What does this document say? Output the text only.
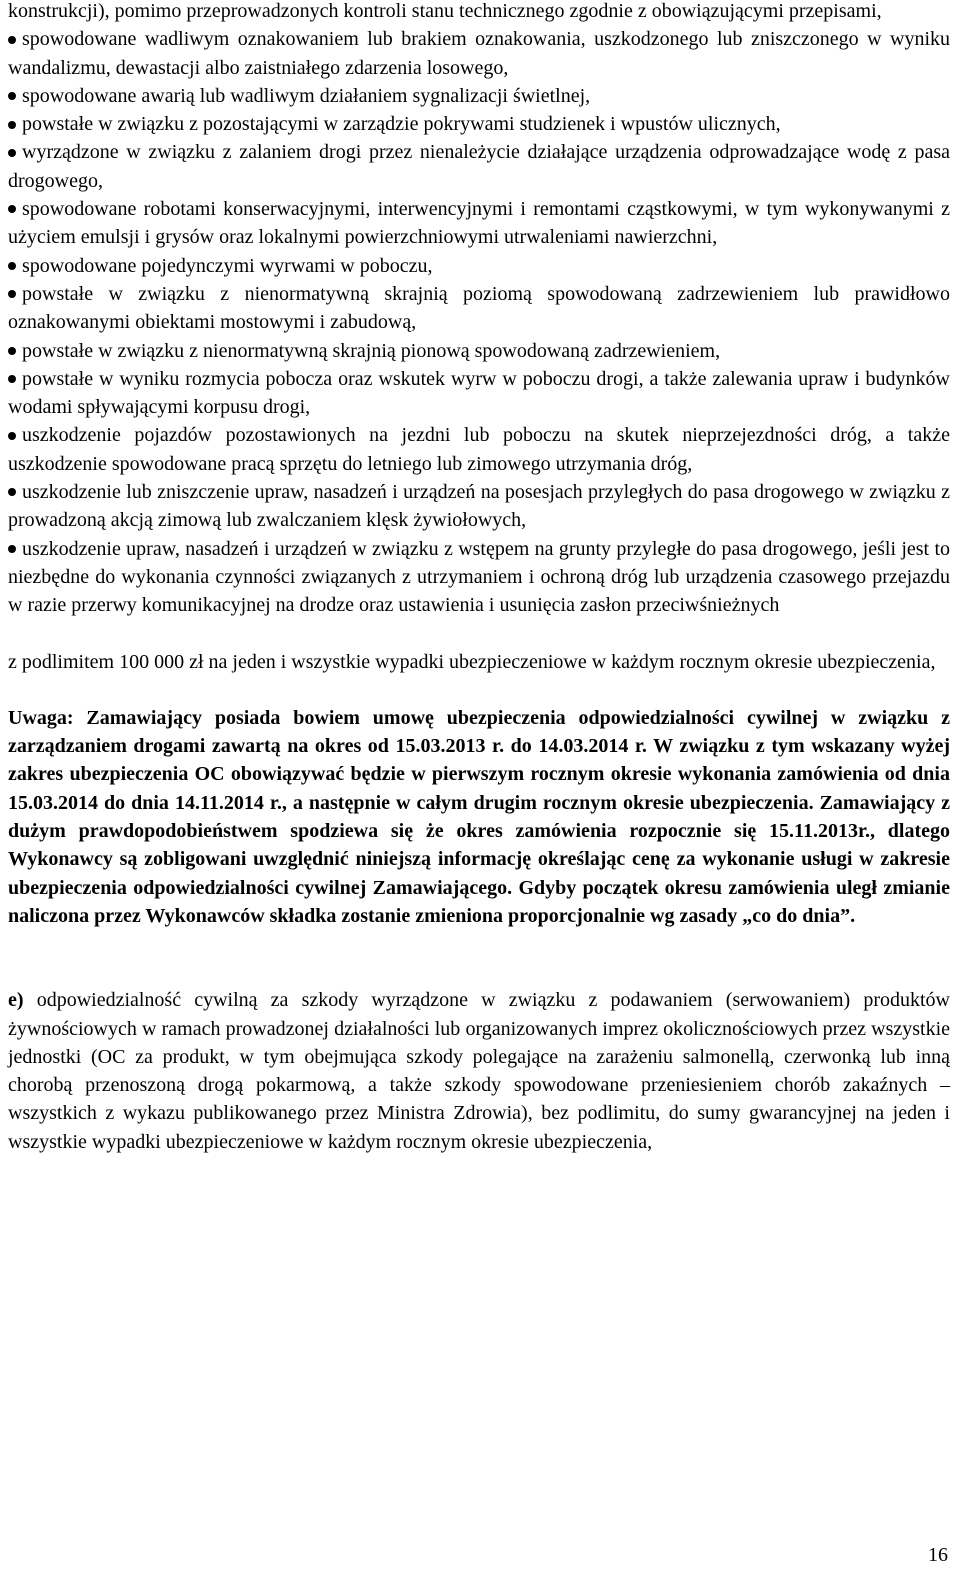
konstrukcji), pomimo przeprowadzonych kontroli stanu technicznego zgodnie z obowiązującymi przepisami,

spowodowane wadliwym oznakowaniem lub brakiem oznakowania, uszkodzonego lub zniszczonego w wyniku wandalizmu, dewastacji albo zaistniałego zdarzenia losowego,
spowodowane awarią lub wadliwym działaniem sygnalizacji świetlnej,
powstałe w związku z pozostającymi w zarządzie pokrywami studzienek i wpustów ulicznych,
wyrządzone w związku z zalaniem drogi przez nienależycie działające urządzenia odprowadzające wodę z pasa drogowego,
spowodowane robotami konserwacyjnymi, interwencyjnymi i remontami cząstkowymi, w tym wykonywanymi z użyciem emulsji i grysów oraz lokalnymi powierzchniowymi utrwaleniami nawierzchni,
spowodowane pojedynczymi wyrwami w poboczu,
powstałe w związku z nienormatywną skrajnią poziomą spowodowaną zadrzewieniem lub prawidłowo oznakowanymi obiektami mostowymi i zabudową,
powstałe w związku z nienormatywną skrajnią pionową spowodowaną zadrzewieniem,
powstałe w wyniku rozmycia pobocza oraz wskutek wyrw w poboczu drogi, a także zalewania upraw i budynków wodami spływającymi korpusu drogi,
uszkodzenie pojazdów pozostawionych na jezdni lub poboczu na skutek nieprzejezdności dróg, a także uszkodzenie spowodowane pracą sprzętu do letniego lub zimowego utrzymania dróg,
uszkodzenie lub zniszczenie upraw, nasadzeń i urządzeń na posesjach przyległych do pasa drogowego w związku z prowadzoną akcją zimową lub zwalczaniem klęsk żywiołowych,
uszkodzenie upraw, nasadzeń i urządzeń w związku z wstępem na grunty przyległe do pasa drogowego, jeśli jest to niezbędne do wykonania czynności związanych z utrzymaniem i ochroną dróg lub urządzenia czasowego przejazdu w razie przerwy komunikacyjnej na drodze oraz ustawienia i usunięcia zasłon przeciwśnieżnych

z podlimitem 100 000 zł na jeden i wszystkie wypadki ubezpieczeniowe w każdym rocznym okresie ubezpieczenia,

Uwaga: Zamawiający posiada bowiem umowę ubezpieczenia odpowiedzialności cywilnej w związku z zarządzaniem drogami zawartą na okres od 15.03.2013 r. do 14.03.2014 r. W związku z tym wskazany wyżej zakres ubezpieczenia OC obowiązywać będzie w pierwszym rocznym okresie wykonania zamówienia od dnia 15.03.2014 do dnia 14.11.2014 r., a następnie w całym drugim rocznym okresie ubezpieczenia. Zamawiający z dużym prawdopodobieństwem spodziewa się że okres zamówienia rozpocznie się 15.11.2013r., dlatego Wykonawcy są zobligowani uwzględnić niniejszą informację określając cenę za wykonanie usługi w zakresie ubezpieczenia odpowiedzialności cywilnej Zamawiającego. Gdyby początek okresu zamówienia uległ zmianie naliczona przez Wykonawców składka zostanie zmieniona proporcjonalnie wg zasady „co do dnia”.

e) odpowiedzialność cywilną za szkody wyrządzone w związku z podawaniem (serwowaniem) produktów żywnościowych w ramach prowadzonej działalności lub organizowanych imprez okolicznościowych przez wszystkie jednostki (OC za produkt, w tym obejmująca szkody polegające na zarażeniu salmonellą, czerwonką lub inną chorobą przenoszoną drogą pokarmową, a także szkody spowodowane przeniesieniem chorób zakaźnych – wszystkich z wykazu publikowanego przez Ministra Zdrowia), bez podlimitu, do sumy gwarancyjnej na jeden i wszystkie wypadki ubezpieczeniowe w każdym rocznym okresie ubezpieczenia,

16
